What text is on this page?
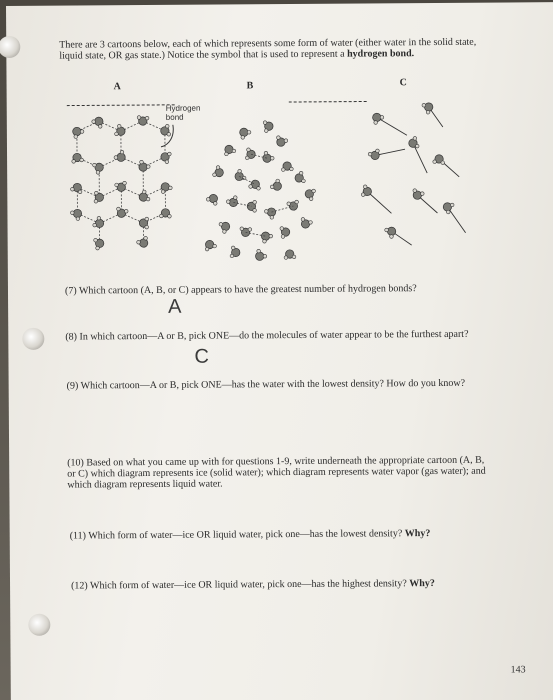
There are 3 cartoons below, each of which represents some form of water (either water in the solid state,
liquid state, OR gas state.) Notice the symbol that is used to represent a hydrogen bond.
A	B	C
Hydrogen
bond
(7) Which cartoon (A, B, or C) appears to have the greatest number of hydrogen bonds?
A
(8) In which cartoon—A or B, pick ONE—do the molecules of water appear to be the furthest apart?
C
(9) Which cartoon—A or B, pick ONE—has the water with the lowest density? How do you know?
(10) Based on what you came up with for questions 1-9, write underneath the appropriate cartoon (A, B,
or C) which diagram represents ice (solid water); which diagram represents water vapor (gas water); and
which diagram represents liquid water.
(11) Which form of water—ice OR liquid water, pick one—has the lowest density? Why?
(12) Which form of water—ice OR liquid water, pick one—has the highest density? Why?
143
